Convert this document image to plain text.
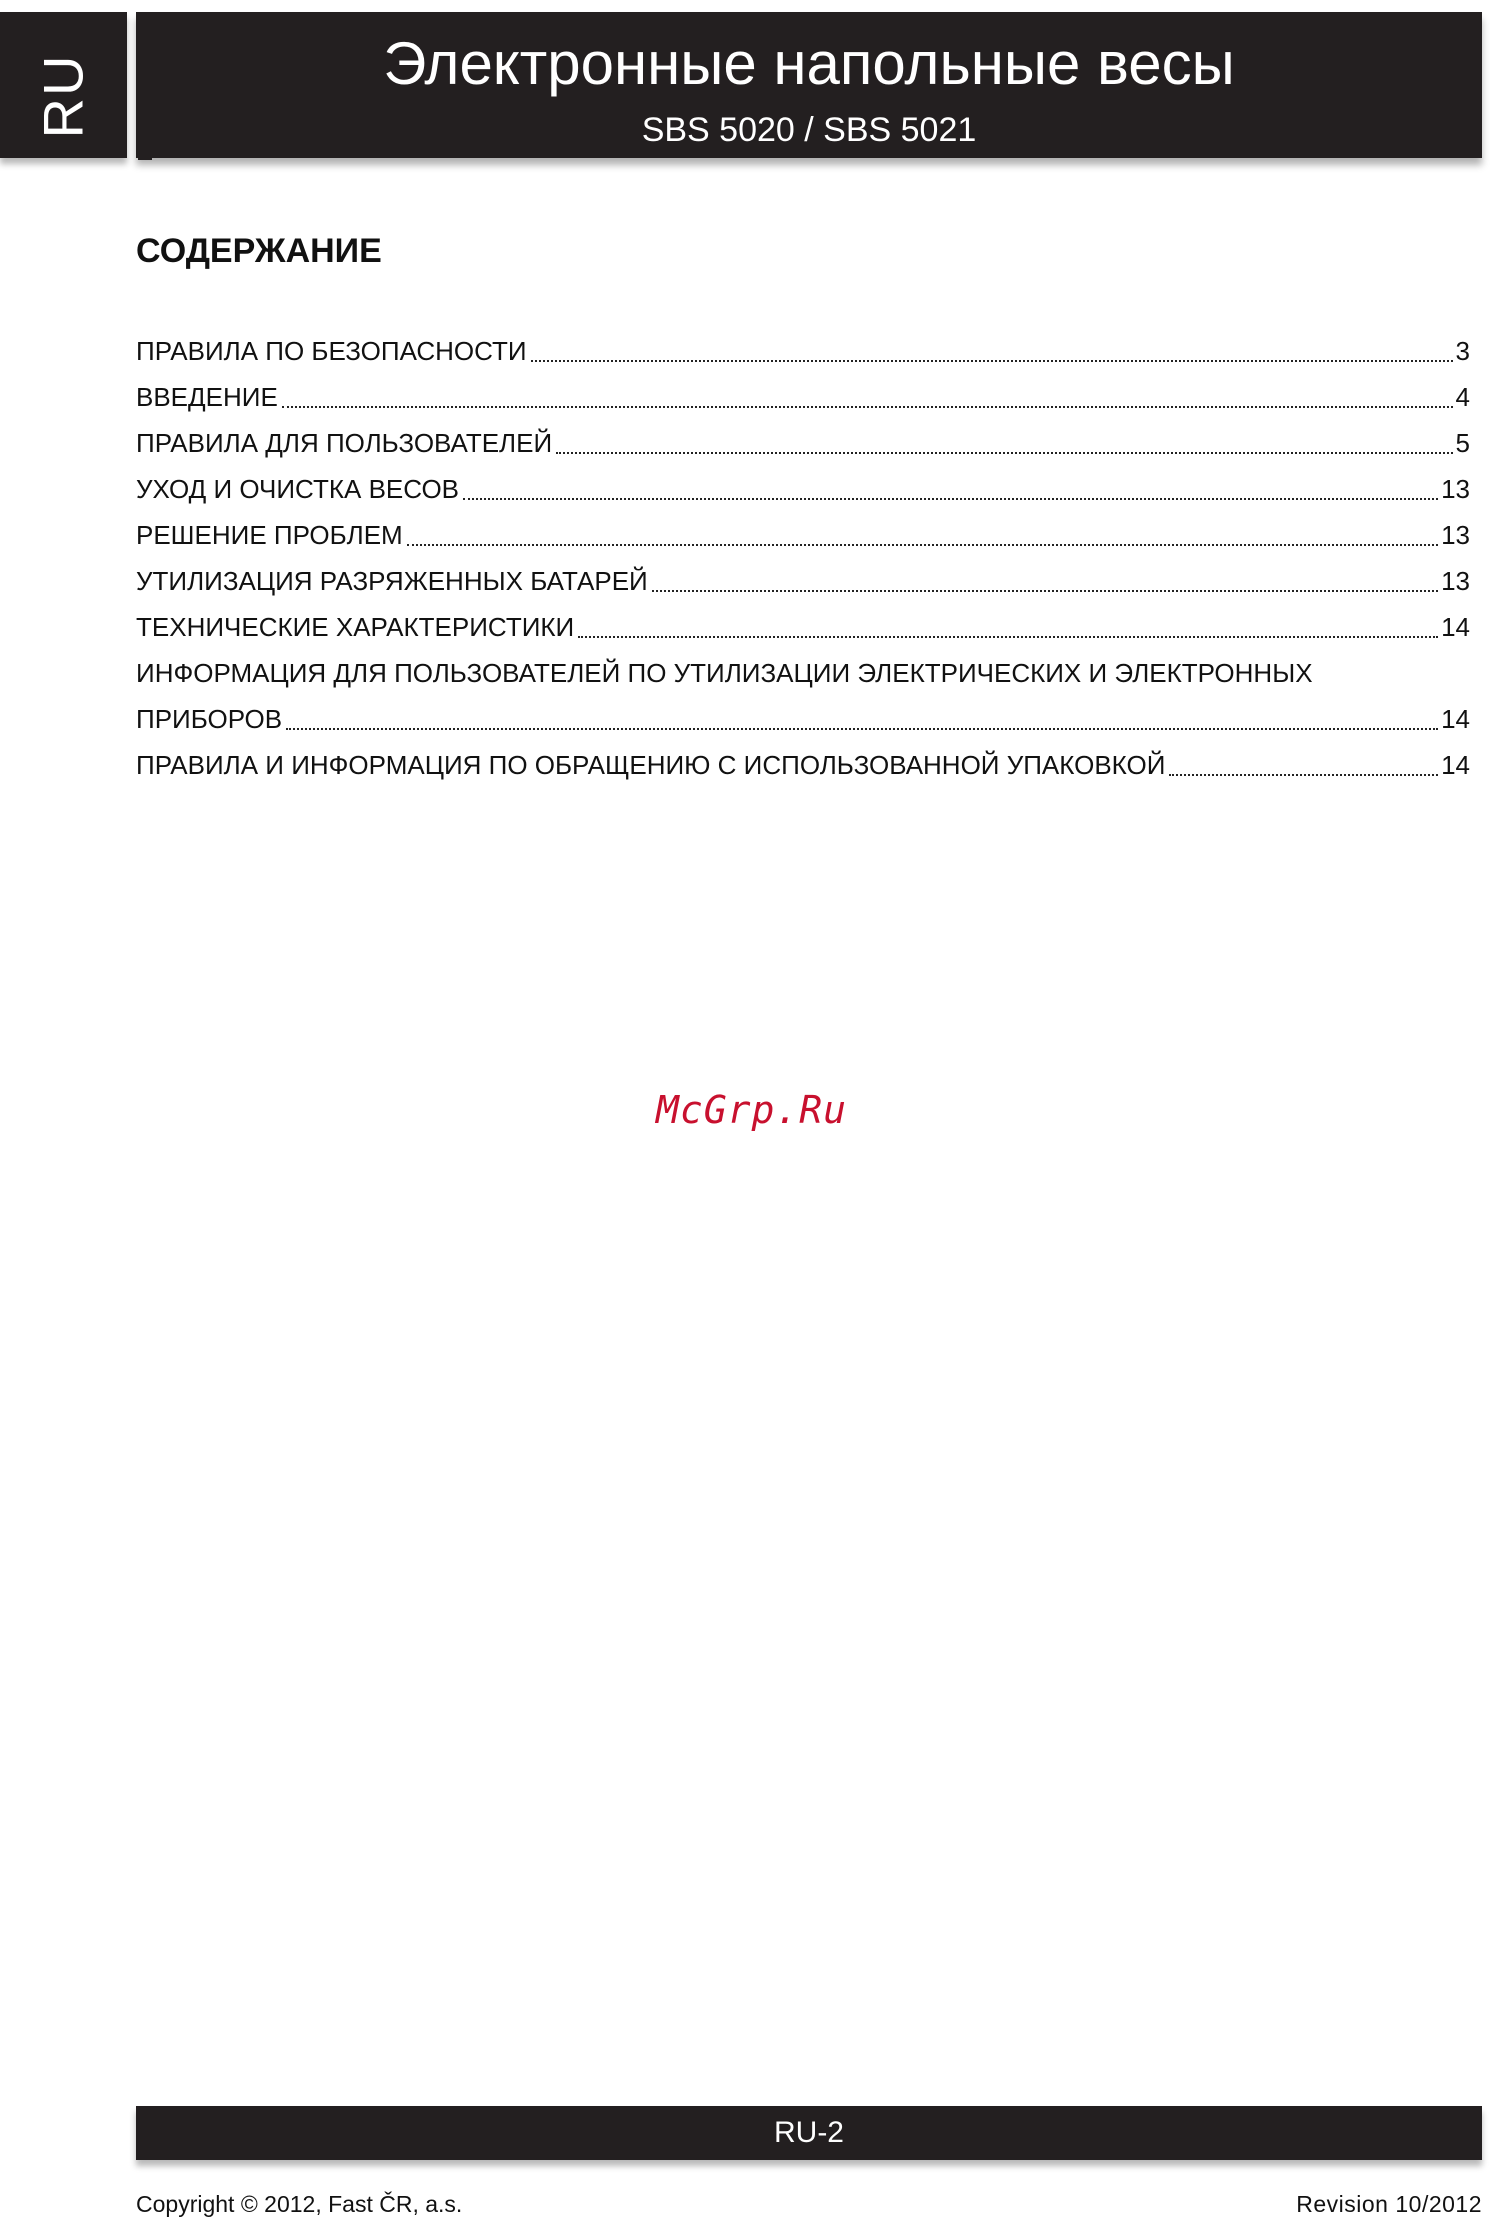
RU	Электронные напольные весы
SBS 5020 / SBS 5021
СОДЕРЖАНИЕ
ПРАВИЛА ПО БЕЗОПАСНОСТИ	3
ВВЕДЕНИЕ	4
ПРАВИЛА ДЛЯ ПОЛЬЗОВАТЕЛЕЙ	5
УХОД И ОЧИСТКА ВЕСОВ	13
РЕШЕНИЕ ПРОБЛЕМ	13
УТИЛИЗАЦИЯ РАЗРЯЖЕННЫХ БАТАРЕЙ	13
ТЕХНИЧЕСКИЕ ХАРАКТЕРИСТИКИ	14
ИНФОРМАЦИЯ ДЛЯ ПОЛЬЗОВАТЕЛЕЙ ПО УТИЛИЗАЦИИ ЭЛЕКТРИЧЕСКИХ И ЭЛЕКТРОННЫХ
ПРИБОРОВ	14
ПРАВИЛА И ИНФОРМАЦИЯ ПО ОБРАЩЕНИЮ С ИСПОЛЬЗОВАННОЙ УПАКОВКОЙ	14
McGrp.Ru
RU-2
Copyright © 2012, Fast ČR, a.s.	Revision 10/2012
